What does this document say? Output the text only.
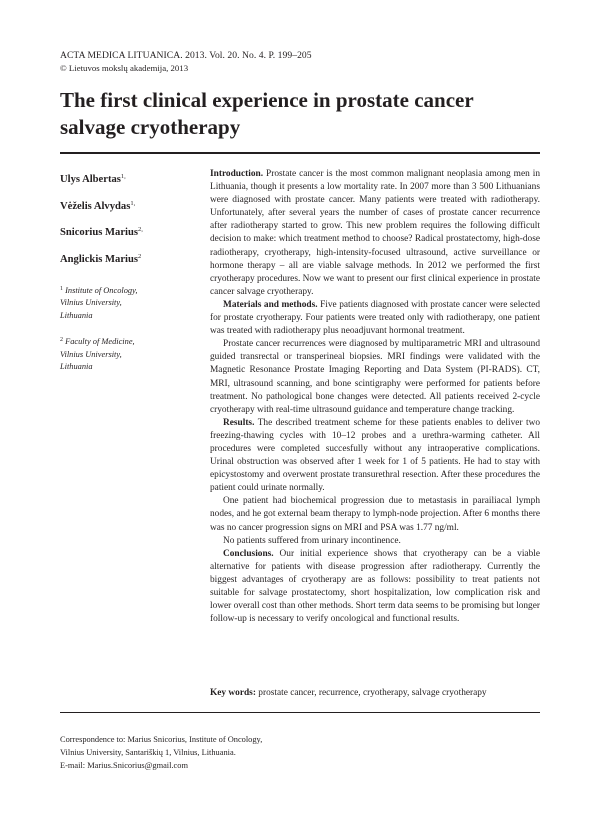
ACTA MEDICA LITUANICA. 2013. Vol. 20. No. 4. P. 199–205
© Lietuvos mokslų akademija, 2013
The first clinical experience in prostate cancer salvage cryotherapy
Ulys Albertas$^{1,}$
Vėželis Alvydas$^{1,}$
Snicorius Marius$^{2,}$
Anglickis Marius$^2$
$^1$ Institute of Oncology,
Vilnius University,
Lithuania
$^2$ Faculty of Medicine,
Vilnius University,
Lithuania

Introduction. Prostate cancer is the most common malignant neoplasia among men in Lithuania, though it presents a low mortality rate. In 2007 more than 3 500 Lithuanians were diagnosed with prostate cancer. Many patients were treated with radiotherapy. Unfortunately, after several years the number of cases of prostate cancer recurrence after radiotherapy started to grow. This new problem requires the following difficult decision to make: which treatment method to choose? Radical prostatectomy, high-dose radiotherapy, cryotherapy, high-intensity-focused ultrasound, active surveillance or hormone therapy – all are viable salvage methods. In 2012 we performed the first cryotherapy procedures. Now we want to present our first clinical experience in prostate cancer salvage cryotherapy.

Materials and methods. Five patients diagnosed with prostate cancer were selected for prostate cryotherapy. Four patients were treated only with radiotherapy, one patient was treated with radiotherapy plus neoadjuvant hormonal treatment.

Prostate cancer recurrences were diagnosed by multiparametric MRI and ultrasound guided transrectal or transperineal biopsies. MRI findings were validated with the Magnetic Resonance Prostate Imaging Reporting and Data System (PI-RADS). CT, MRI, ultrasound scanning, and bone scintigraphy were performed for patients before treatment. No pathological bone changes were detected. All patients received 2-cycle cryotherapy with real-time ultrasound guidance and temperature change tracking.

Results. The described treatment scheme for these patients enables to deliver two freezing-thawing cycles with 10–12 probes and a urethra-warming catheter. All procedures were completed succesfully without any intraoperative complications. Urinal obstruction was observed after 1 week for 1 of 5 patients. He had to stay with epicystostomy and overwent prostate transurethral resection. After these procedures the patient could urinate normally.

One patient had biochemical progression due to metastasis in parailiacal lymph nodes, and he got external beam therapy to lymph-node projection. After 6 months there was no cancer progression signs on MRI and PSA was 1.77 ng/ml.

No patients suffered from urinary incontinence.

Conclusions. Our initial experience shows that cryotherapy can be a viable alternative for patients with disease progression after radiotherapy. Currently the biggest advantages of cryotherapy are as follows: possibility to treat patients not suitable for salvage prostatectomy, short hospitalization, low complication risk and lower overall cost than other methods. Short term data seems to be promising but longer follow-up is necessary to verify oncological and functional results.

Key words: prostate cancer, recurrence, cryotherapy, salvage cryotherapy
Correspondence to: Marius Snicorius, Institute of Oncology,
Vilnius University, Santariškių 1, Vilnius, Lithuania.
E-mail: Marius.Snicorius@gmail.com
